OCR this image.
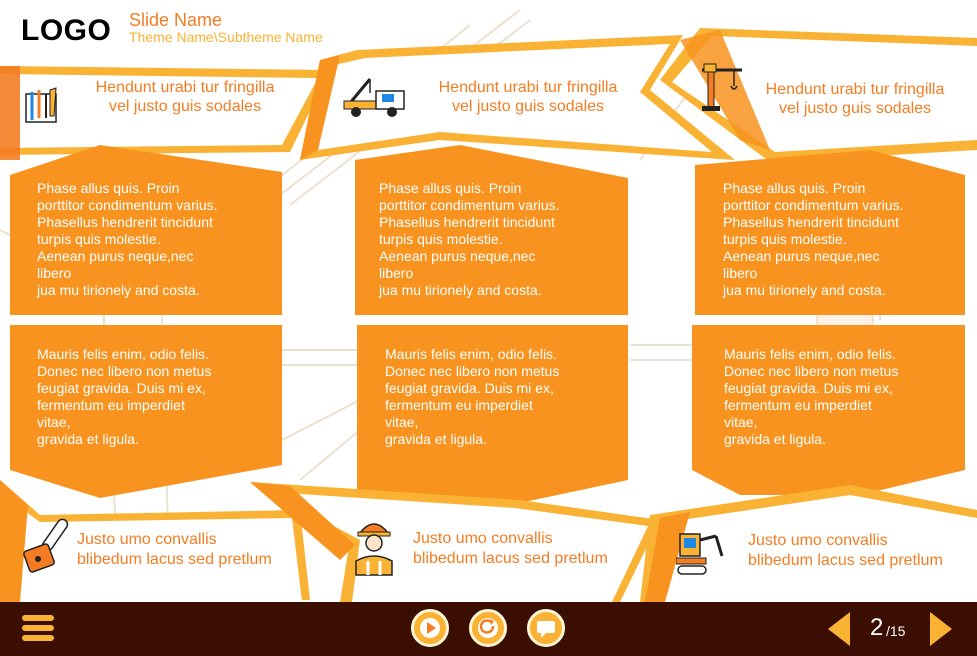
LOGO Slide Name
Theme Name\Subtheme Name
Hendunt urabi tur fringilla
vel justo guis sodales
Hendunt urabi tur fringilla
vel justo guis sodales
Hendunt urabi tur fringilla
vel justo guis sodales
Phase allus quis. Proin
porttitor condimentum varius.
Phasellus hendrerit tincidunt
turpis quis molestie.
Aenean purus neque,nec
libero
jua mu tirionely and costa.
Phase allus quis. Proin
porttitor condimentum varius.
Phasellus hendrerit tincidunt
turpis quis molestie.
Aenean purus neque,nec
libero
jua mu tirionely and costa.
Phase allus quis. Proin
porttitor condimentum varius.
Phasellus hendrerit tincidunt
turpis quis molestie.
Aenean purus neque,nec
libero
jua mu tirionely and costa.
Mauris felis enim, odio felis.
Donec nec libero non metus
feugiat gravida. Duis mi ex,
fermentum eu imperdiet
vitae,
gravida et ligula.
Mauris felis enim, odio felis.
Donec nec libero non metus
feugiat gravida. Duis mi ex,
fermentum eu imperdiet
vitae,
gravida et ligula.
Mauris felis enim, odio felis.
Donec nec libero non metus
feugiat gravida. Duis mi ex,
fermentum eu imperdiet
vitae,
gravida et ligula.
Justo umo convallis
blibedum lacus sed pretlum
Justo umo convallis
blibedum lacus sed pretlum
Justo umo convallis
blibedum lacus sed pretlum
2 /15
